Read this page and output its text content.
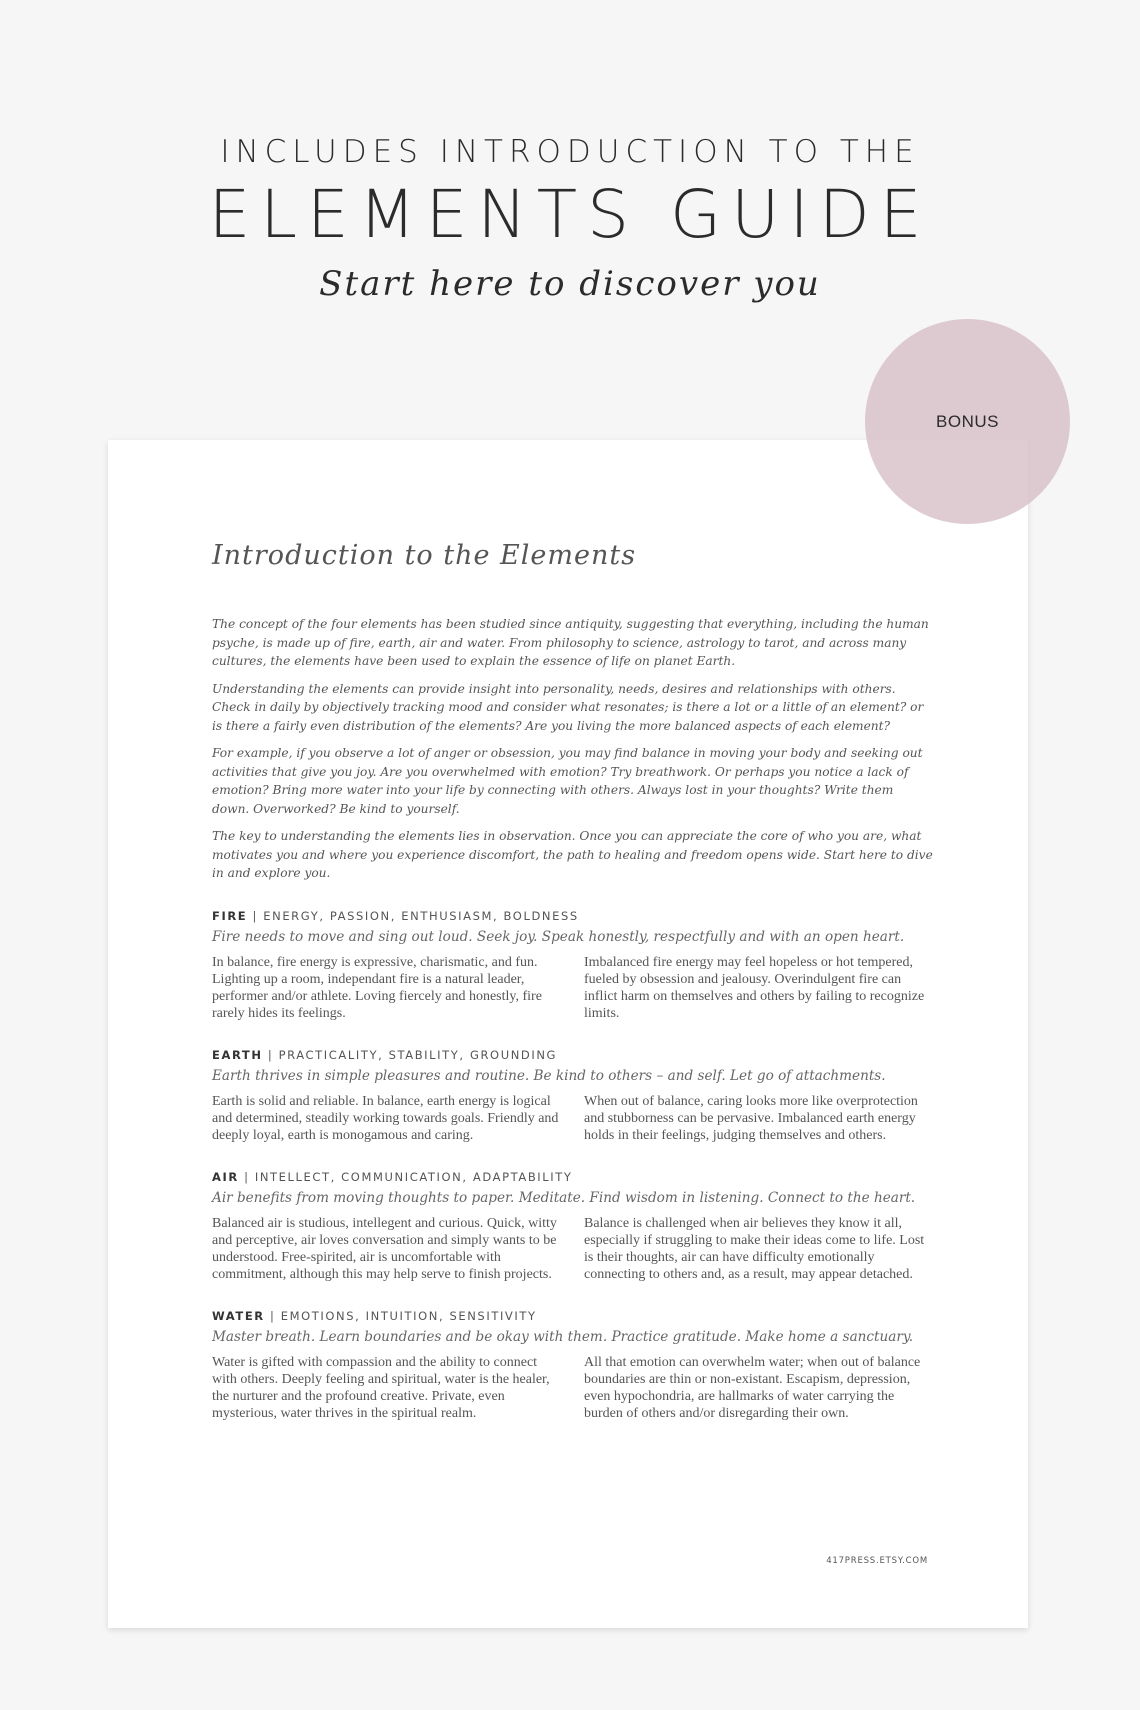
INCLUDES INTRODUCTION TO THE
ELEMENTS GUIDE
Start here to discover you
BONUS
Introduction to the Elements

The concept of the four elements has been studied since antiquity, suggesting that everything, including the human psyche, is made up of fire, earth, air and water. From philosophy to science, astrology to tarot, and across many cultures, the elements have been used to explain the essence of life on planet Earth.

Understanding the elements can provide insight into personality, needs, desires and relationships with others. Check in daily by objectively tracking mood and consider what resonates; is there a lot or a little of an element? or is there a fairly even distribution of the elements? Are you living the more balanced aspects of each element?

For example, if you observe a lot of anger or obsession, you may find balance in moving your body and seeking out activities that give you joy. Are you overwhelmed with emotion? Try breathwork. Or perhaps you notice a lack of emotion? Bring more water into your life by connecting with others. Always lost in your thoughts? Write them down. Overworked? Be kind to yourself.

The key to understanding the elements lies in observation. Once you can appreciate the core of who you are, what motivates you and where you experience discomfort, the path to healing and freedom opens wide. Start here to dive in and explore you.

FIRE | ENERGY, PASSION, ENTHUSIASM, BOLDNESS
Fire needs to move and sing out loud. Seek joy. Speak honestly, respectfully and with an open heart.
In balance, fire energy is expressive, charismatic, and fun. Lighting up a room, independant fire is a natural leader, performer and/or athlete. Loving fiercely and honestly, fire rarely hides its feelings.
Imbalanced fire energy may feel hopeless or hot tempered, fueled by obsession and jealousy. Overindulgent fire can inflict harm on themselves and others by failing to recognize limits.
EARTH | PRACTICALITY, STABILITY, GROUNDING
Earth thrives in simple pleasures and routine. Be kind to others – and self. Let go of attachments.
Earth is solid and reliable. In balance, earth energy is logical and determined, steadily working towards goals. Friendly and deeply loyal, earth is monogamous and caring.
When out of balance, caring looks more like overprotection and stubborness can be pervasive. Imbalanced earth energy holds in their feelings, judging themselves and others.
AIR | INTELLECT, COMMUNICATION, ADAPTABILITY
Air benefits from moving thoughts to paper. Meditate. Find wisdom in listening. Connect to the heart.
Balanced air is studious, intellegent and curious. Quick, witty and perceptive, air loves conversation and simply wants to be understood. Free-spirited, air is uncomfortable with commitment, although this may help serve to finish projects.
Balance is challenged when air believes they know it all, especially if struggling to make their ideas come to life. Lost is their thoughts, air can have difficulty emotionally connecting to others and, as a result, may appear detached.
WATER | EMOTIONS, INTUITION, SENSITIVITY
Master breath. Learn boundaries and be okay with them. Practice gratitude. Make home a sanctuary.
Water is gifted with compassion and the ability to connect with others. Deeply feeling and spiritual, water is the healer, the nurturer and the profound creative. Private, even mysterious, water thrives in the spiritual realm.
All that emotion can overwhelm water; when out of balance boundaries are thin or non-existant. Escapism, depression, even hypochondria, are hallmarks of water carrying the burden of others and/or disregarding their own.
417PRESS.ETSY.COM
